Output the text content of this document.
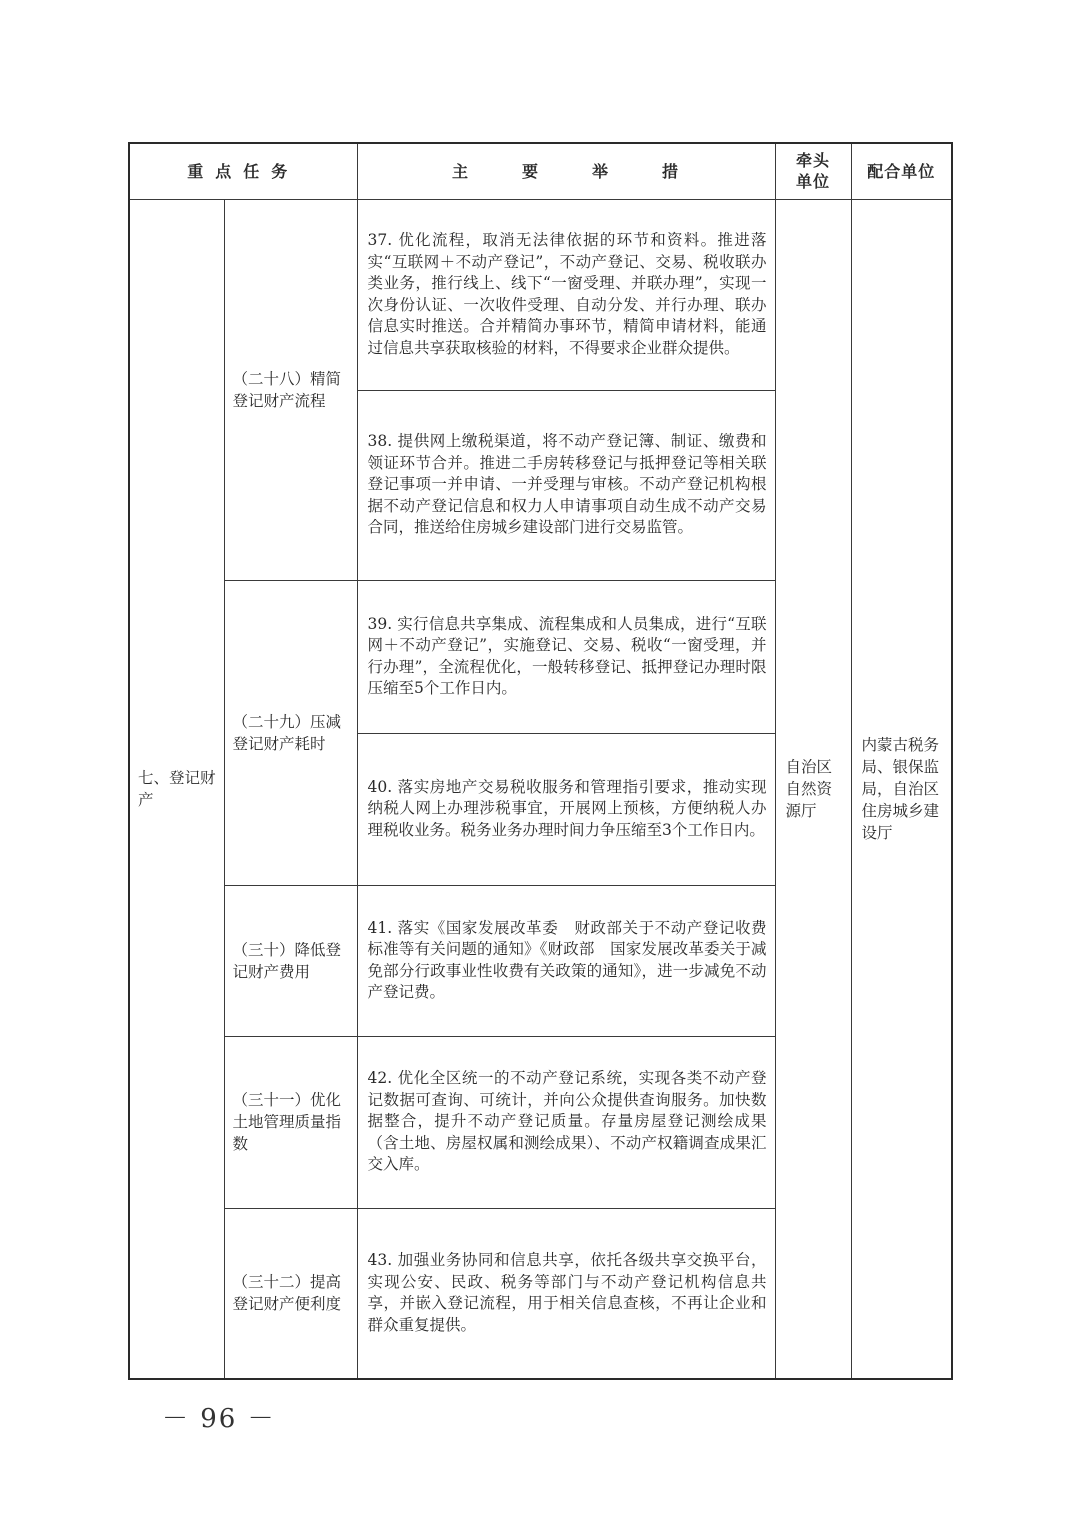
重点任务		主 要 举 措	牵头单位	配合单位
七、登记财产	（二十八）精简登记财产流程	37. 优化流程，取消无法律依据的环节和资料。推进落实“互联网＋不动产登记”，不动产登记、交易、税收联办类业务，推行线上、线下“一窗受理、并联办理”，实现一次身份认证、一次收件受理、自动分发、并行办理、联办信息实时推送。合并精简办事环节，精简申请材料，能通过信息共享获取核验的材料，不得要求企业群众提供。	自治区自然资源厅	内蒙古税务局、银保监局，自治区住房城乡建设厅
		38. 提供网上缴税渠道，将不动产登记簿、制证、缴费和领证环节合并。推进二手房转移登记与抵押登记等相关联登记事项一并申请、一并受理与审核。不动产登记机构根据不动产登记信息和权力人申请事项自动生成不动产交易合同，推送给住房城乡建设部门进行交易监管。		
	（二十九）压减登记财产耗时	39. 实行信息共享集成、流程集成和人员集成，进行“互联网＋不动产登记”，实施登记、交易、税收“一窗受理，并行办理”，全流程优化，一般转移登记、抵押登记办理时限压缩至5个工作日内。		
		40. 落实房地产交易税收服务和管理指引要求，推动实现纳税人网上办理涉税事宜，开展网上预核，方便纳税人办理税收业务。税务业务办理时间力争压缩至3个工作日内。		
	（三十）降低登记财产费用	41. 落实《国家发展改革委　财政部关于不动产登记收费标准等有关问题的通知》《财政部　国家发展改革委关于减免部分行政事业性收费有关政策的通知》，进一步减免不动产登记费。		
	（三十一）优化土地管理质量指数	42. 优化全区统一的不动产登记系统，实现各类不动产登记数据可查询、可统计，并向公众提供查询服务。加快数据整合，提升不动产登记质量。存量房屋登记测绘成果（含土地、房屋权属和测绘成果）、不动产权籍调查成果汇交入库。		
	（三十二）提高登记财产便利度	43. 加强业务协同和信息共享，依托各级共享交换平台，实现公安、民政、税务等部门与不动产登记机构信息共享，并嵌入登记流程，用于相关信息查核，不再让企业和群众重复提供。		
－ 96 －
